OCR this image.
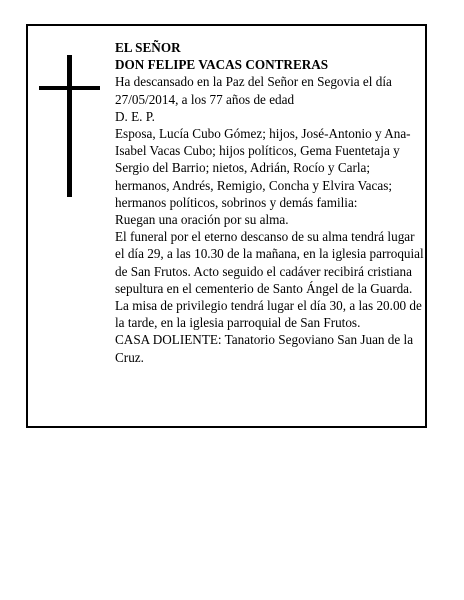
EL SEÑOR

DON FELIPE VACAS CONTRERAS

Ha descansado en la Paz del Señor en Segovia el día 27/05/2014, a los 77 años de edad

D. E. P.

Esposa, Lucía Cubo Gómez; hijos, José-Antonio y Ana-Isabel Vacas Cubo; hijos políticos, Gema Fuentetaja y Sergio del Barrio; nietos, Adrián, Rocío y Carla; hermanos, Andrés, Remigio, Concha y Elvira Vacas; hermanos políticos, sobrinos y demás familia:

Ruegan una oración por su alma.

El funeral por el eterno descanso de su alma tendrá lugar el día 29, a las 10.30 de la mañana, en la iglesia parroquial de San Frutos. Acto seguido el cadáver recibirá cristiana sepultura en el cementerio de Santo Ángel de la Guarda. La misa de privilegio tendrá lugar el día 30, a las 20.00 de la tarde, en la iglesia parroquial de San Frutos.

CASA DOLIENTE: Tanatorio Segoviano San Juan de la Cruz.
